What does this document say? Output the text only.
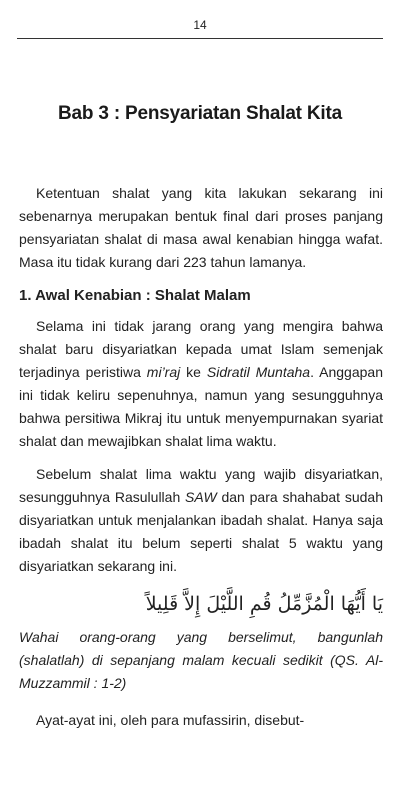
14
Bab 3 : Pensyariatan Shalat Kita

Ketentuan shalat yang kita lakukan sekarang ini sebenarnya merupakan bentuk final dari proses panjang pensyariatan shalat di masa awal kenabian hingga wafat. Masa itu tidak kurang dari 223 tahun lamanya.

1. Awal Kenabian : Shalat Malam

Selama ini tidak jarang orang yang mengira bahwa shalat baru disyariatkan kepada umat Islam semenjak terjadinya peristiwa mi’raj ke Sidratil Muntaha. Anggapan ini tidak keliru sepenuhnya, namun yang sesungguhnya bahwa persitiwa Mikraj itu untuk menyempurnakan syariat shalat dan mewajibkan shalat lima waktu.

Sebelum shalat lima waktu yang wajib disyariatkan, sesungguhnya Rasulullah SAW dan para shahabat sudah disyariatkan untuk menjalankan ibadah shalat. Hanya saja ibadah shalat itu belum seperti shalat 5 waktu yang disyariatkan sekarang ini.

يَا أَيُّهَا الْمُزَّمِّلُ قُمِ اللَّيْلَ إِلاَّ قَلِيلاً

Wahai orang-orang yang berselimut, bangunlah (shalatlah) di sepanjang malam kecuali sedikit (QS. Al-Muzzammil : 1-2)

Ayat-ayat ini, oleh para mufassirin, disebut-
